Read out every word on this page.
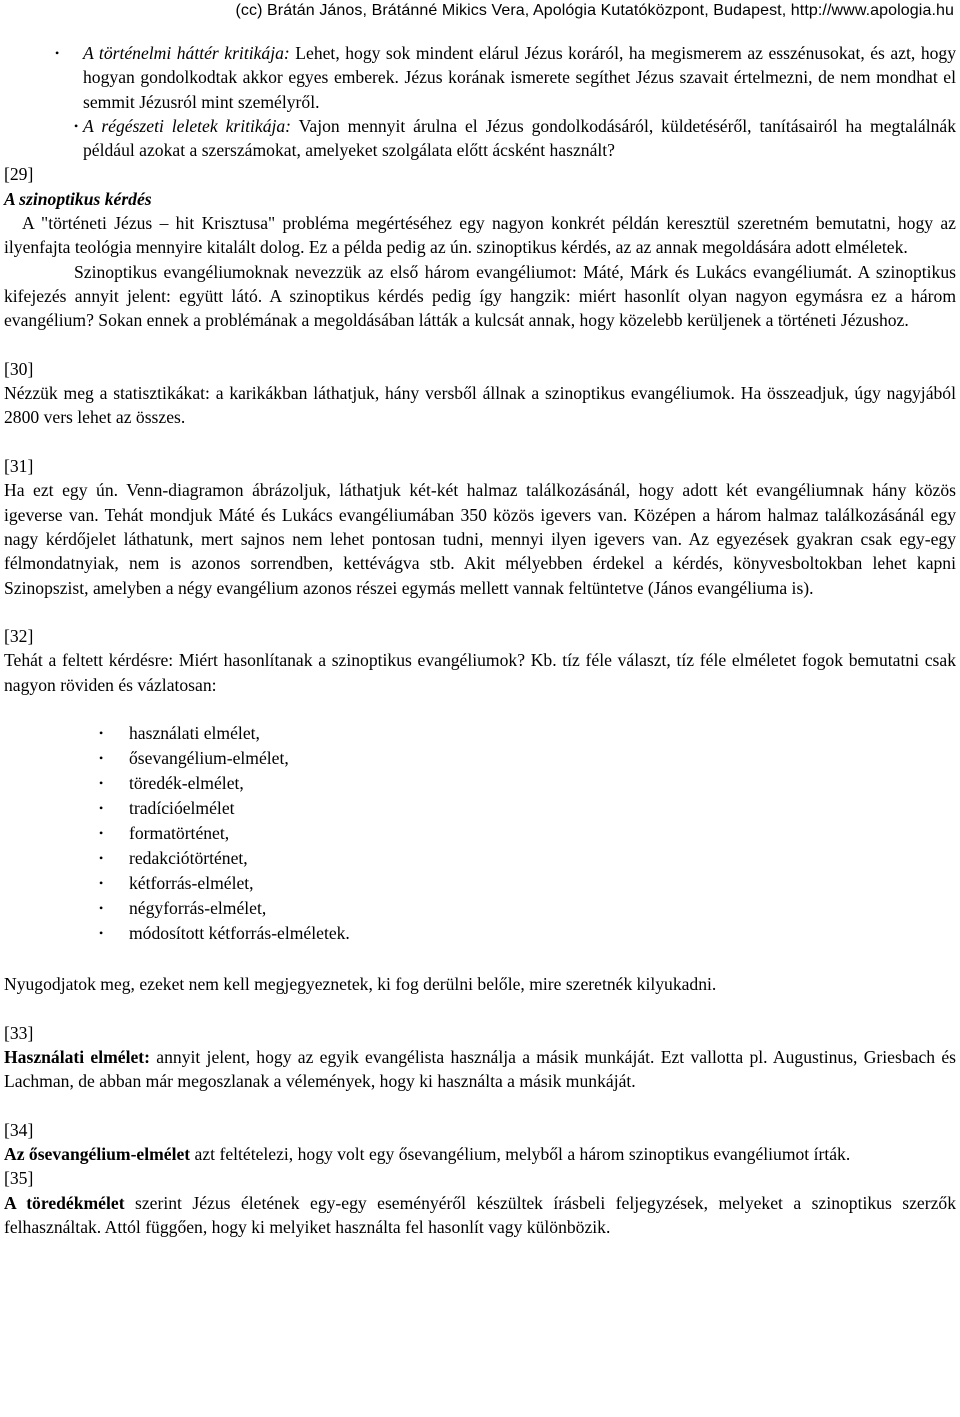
(cc) Brátán János, Brátánné Mikics Vera, Apológia Kutatóközpont, Budapest, http://www.apologia.hu
• A történelmi háttér kritikája: Lehet, hogy sok mindent elárul Jézus koráról, ha megismerem az esszénusokat, és azt, hogy hogyan gondolkodtak akkor egyes emberek. Jézus korának ismerete segíthet Jézus szavait értelmezni, de nem mondhat el semmit Jézusról mint személyről.
• A régészeti leletek kritikája: Vajon mennyit árulna el Jézus gondolkodásáról, küldetéséről, tanításairól ha megtalálnák például azokat a szerszámokat, amelyeket szolgálata előtt ácsként használt?

[29]

A szinoptikus kérdés

A "történeti Jézus – hit Krisztusa" probléma megértéséhez egy nagyon konkrét példán keresztül szeretném bemutatni, hogy az ilyenfajta teológia mennyire kitalált dolog. Ez a példa pedig az ún. szinoptikus kérdés, az az annak megoldására adott elméletek.

Szinoptikus evangéliumoknak nevezzük az első három evangéliumot: Máté, Márk és Lukács evangéliumát. A szinoptikus kifejezés annyit jelent: együtt látó. A szinoptikus kérdés pedig így hangzik: miért hasonlít olyan nagyon egymásra ez a három evangélium? Sokan ennek a problémának a megoldásában látták a kulcsát annak, hogy közelebb kerüljenek a történeti Jézushoz.

[30]

Nézzük meg a statisztikákat: a karikákban láthatjuk, hány versből állnak a szinoptikus evangéliumok. Ha összeadjuk, úgy nagyjából 2800 vers lehet az összes.

[31]

Ha ezt egy ún. Venn-diagramon ábrázoljuk, láthatjuk két-két halmaz találkozásánál, hogy adott két evangéliumnak hány közös igeverse van. Tehát mondjuk Máté és Lukács evangéliumában 350 közös igevers van. Középen a három halmaz találkozásánál egy nagy kérdőjelet láthatunk, mert sajnos nem lehet pontosan tudni, mennyi ilyen igevers van. Az egyezések gyakran csak egy-egy félmondatnyiak, nem is azonos sorrendben, kettévágva stb. Akit mélyebben érdekel a kérdés, könyvesboltokban lehet kapni Szinopszist, amelyben a négy evangélium azonos részei egymás mellett vannak feltüntetve (János evangéliuma is).

[32]

Tehát a feltett kérdésre: Miért hasonlítanak a szinoptikus evangéliumok? Kb. tíz féle választ, tíz féle elméletet fogok bemutatni csak nagyon röviden és vázlatosan:

• használati elmélet,
• ősevangélium-elmélet,
• töredék-elmélet,
• tradícióelmélet
• formatörténet,
• redakciótörténet,
• kétforrás-elmélet,
• négyforrás-elmélet,
• módosított kétforrás-elméletek.

Nyugodjatok meg, ezeket nem kell megjegyeznetek, ki fog derülni belőle, mire szeretnék kilyukadni.

[33]

Használati elmélet: annyit jelent, hogy az egyik evangélista használja a másik munkáját. Ezt vallotta pl. Augustinus, Griesbach és Lachman, de abban már megoszlanak a vélemények, hogy ki használta a másik munkáját.

[34]

Az ősevangélium-elmélet azt feltételezi, hogy volt egy ősevangélium, melyből a három szinoptikus evangéliumot írták.

[35]

A töredékmélet szerint Jézus életének egy-egy eseményéről készültek írásbeli feljegyzések, melyeket a szinoptikus szerzők felhasználtak. Attól függően, hogy ki melyiket használta fel hasonlít vagy különbözik.
